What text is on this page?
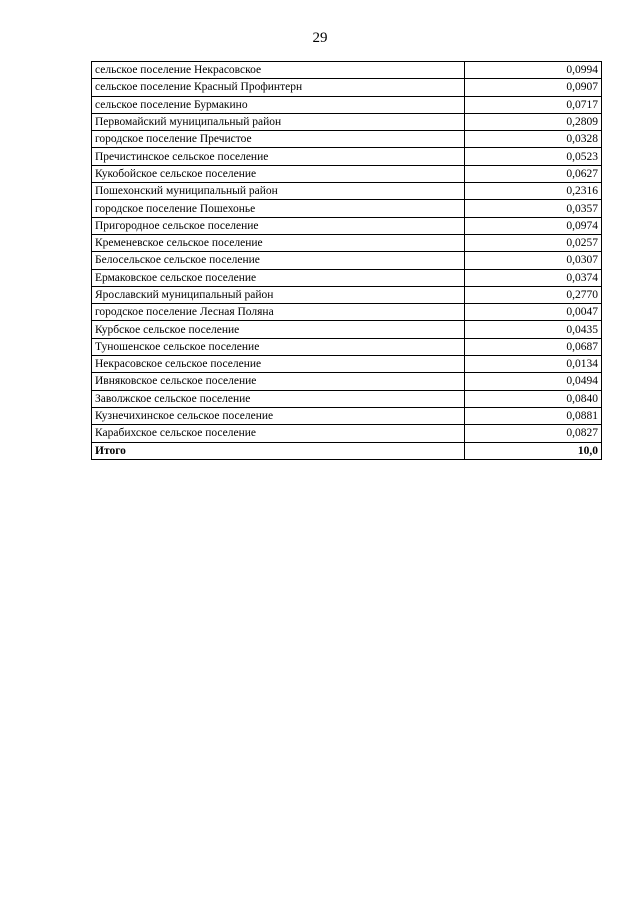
29
сельское поселение Некрасовское	0,0994
сельское поселение Красный Профинтерн	0,0907
сельское поселение Бурмакино	0,0717
Первомайский муниципальный район	0,2809
городское поселение Пречистое	0,0328
Пречистинское сельское поселение	0,0523
Кукобойское сельское поселение	0,0627
Пошехонский муниципальный район	0,2316
городское поселение Пошехонье	0,0357
Пригородное сельское поселение	0,0974
Кременевское сельское поселение	0,0257
Белосельское сельское поселение	0,0307
Ермаковское сельское поселение	0,0374
Ярославский муниципальный район	0,2770
городское поселение Лесная Поляна	0,0047
Курбское сельское поселение	0,0435
Туношенское сельское поселение	0,0687
Некрасовское сельское поселение	0,0134
Ивняковское сельское поселение	0,0494
Заволжское сельское поселение	0,0840
Кузнечихинское сельское поселение	0,0881
Карабихское сельское поселение	0,0827
Итого	10,0
